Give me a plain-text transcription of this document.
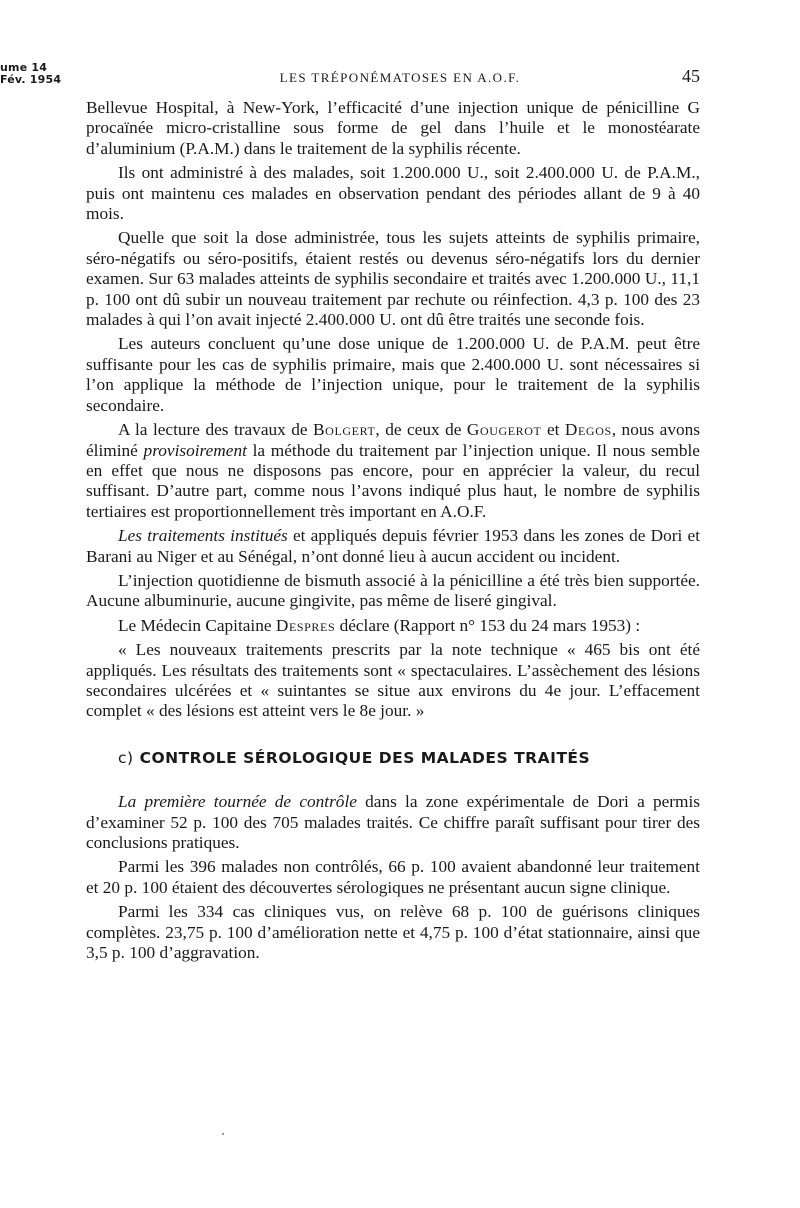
ume 14
Fév. 1954	LES TRÉPONÉMATOSES EN A.O.F.	45

Bellevue Hospital, à New-York, l’efficacité d’une injection unique de pénicilline G procaïnée micro-cristalline sous forme de gel dans l’huile et le monostéarate d’aluminium (P.A.M.) dans le traitement de la syphilis récente.

Ils ont administré à des malades, soit 1.200.000 U., soit 2.400.000 U. de P.A.M., puis ont maintenu ces malades en observation pendant des périodes allant de 9 à 40 mois.

Quelle que soit la dose administrée, tous les sujets atteints de syphilis primaire, séro-négatifs ou séro-positifs, étaient restés ou devenus séro-négatifs lors du dernier examen. Sur 63 malades atteints de syphilis secondaire et traités avec 1.200.000 U., 11,1 p. 100 ont dû subir un nouveau traitement par rechute ou réinfection. 4,3 p. 100 des 23 malades à qui l’on avait injecté 2.400.000 U. ont dû être traités une seconde fois.

Les auteurs concluent qu’une dose unique de 1.200.000 U. de P.A.M. peut être suffisante pour les cas de syphilis primaire, mais que 2.400.000 U. sont nécessaires si l’on applique la méthode de l’injection unique, pour le traitement de la syphilis secondaire.

A la lecture des travaux de Bolgert, de ceux de Gougerot et Degos, nous avons éliminé provisoirement la méthode du traitement par l’injection unique. Il nous semble en effet que nous ne disposons pas encore, pour en apprécier la valeur, du recul suffisant. D’autre part, comme nous l’avons indiqué plus haut, le nombre de syphilis tertiaires est proportionnellement très important en A.O.F.

Les traitements institués et appliqués depuis février 1953 dans les zones de Dori et Barani au Niger et au Sénégal, n’ont donné lieu à aucun accident ou incident.

L’injection quotidienne de bismuth associé à la pénicilline a été très bien supportée. Aucune albuminurie, aucune gingivite, pas même de liseré gingival.

Le Médecin Capitaine Despres déclare (Rapport n° 153 du 24 mars 1953) :

« Les nouveaux traitements prescrits par la note technique « 465 bis ont été appliqués. Les résultats des traitements sont « spectaculaires. L’assèchement des lésions secondaires ulcérées et « suintantes se situe aux environs du 4e jour. L’effacement complet « des lésions est atteint vers le 8e jour. »

c) CONTROLE SÉROLOGIQUE DES MALADES TRAITÉS

La première tournée de contrôle dans la zone expérimentale de Dori a permis d’examiner 52 p. 100 des 705 malades traités. Ce chiffre paraît suffisant pour tirer des conclusions pratiques.

Parmi les 396 malades non contrôlés, 66 p. 100 avaient abandonné leur traitement et 20 p. 100 étaient des découvertes sérologiques ne présentant aucun signe clinique.

Parmi les 334 cas cliniques vus, on relève 68 p. 100 de guérisons cliniques complètes. 23,75 p. 100 d’amélioration nette et 4,75 p. 100 d’état stationnaire, ainsi que 3,5 p. 100 d’aggravation.
